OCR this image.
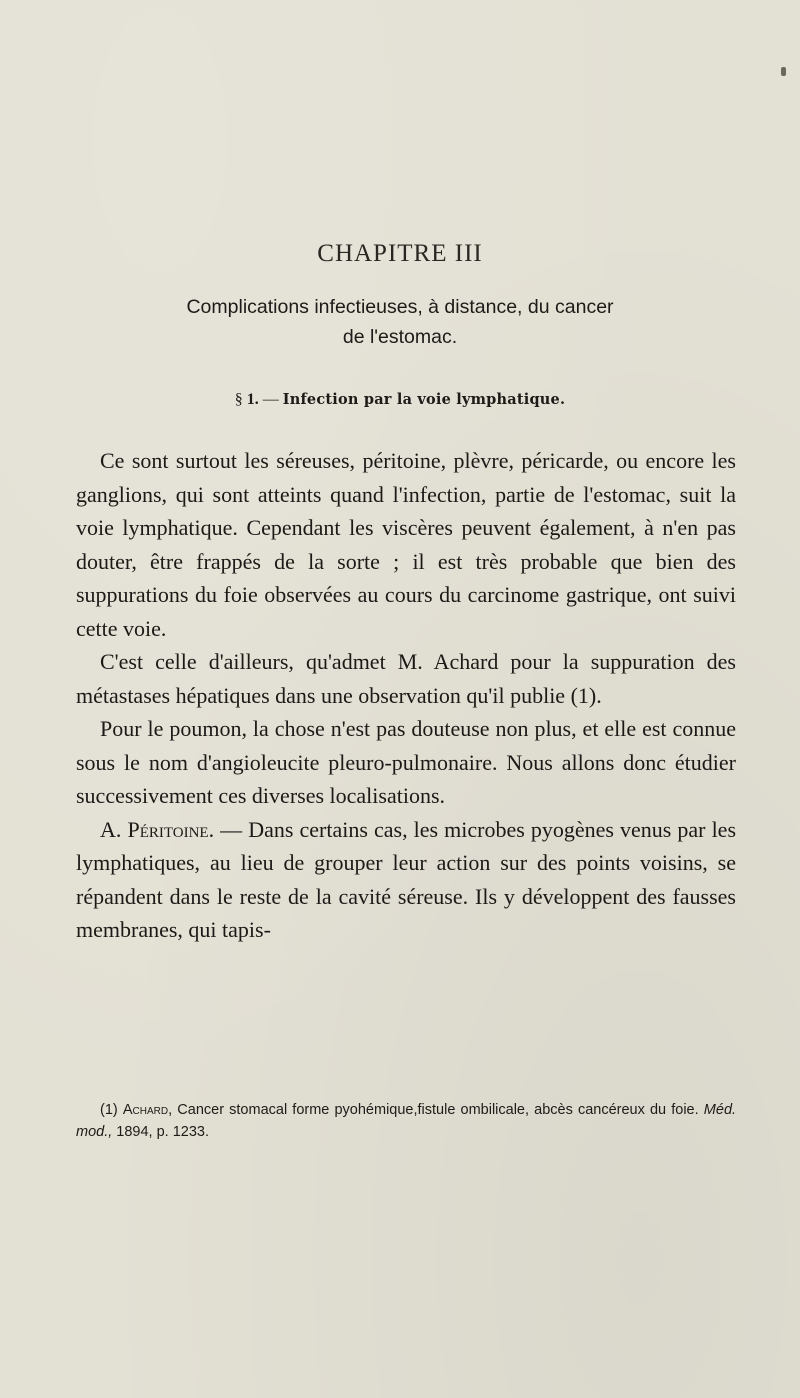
CHAPITRE III
Complications infectieuses, à distance, du cancer
de l'estomac.
§ 1. — Infection par la voie lymphatique.

Ce sont surtout les séreuses, péritoine, plèvre, péricarde, ou encore les ganglions, qui sont atteints quand l'infection, partie de l'estomac, suit la voie lymphatique. Cependant les viscères peuvent également, à n'en pas douter, être frappés de la sorte ; il est très probable que bien des suppurations du foie observées au cours du carcinome gastrique, ont suivi cette voie.

C'est celle d'ailleurs, qu'admet M. Achard pour la suppuration des métastases hépatiques dans une observation qu'il publie (1).

Pour le poumon, la chose n'est pas douteuse non plus, et elle est connue sous le nom d'angioleucite pleuro-pulmonaire. Nous allons donc étudier successivement ces diverses localisations.

A. Péritoine. — Dans certains cas, les microbes pyogènes venus par les lymphatiques, au lieu de grouper leur action sur des points voisins, se répandent dans le reste de la cavité séreuse. Ils y développent des fausses membranes, qui tapis-

(1) Achard, Cancer stomacal forme pyohémique,fistule ombilicale, abcès cancéreux du foie. Méd. mod., 1894, p. 1233.
